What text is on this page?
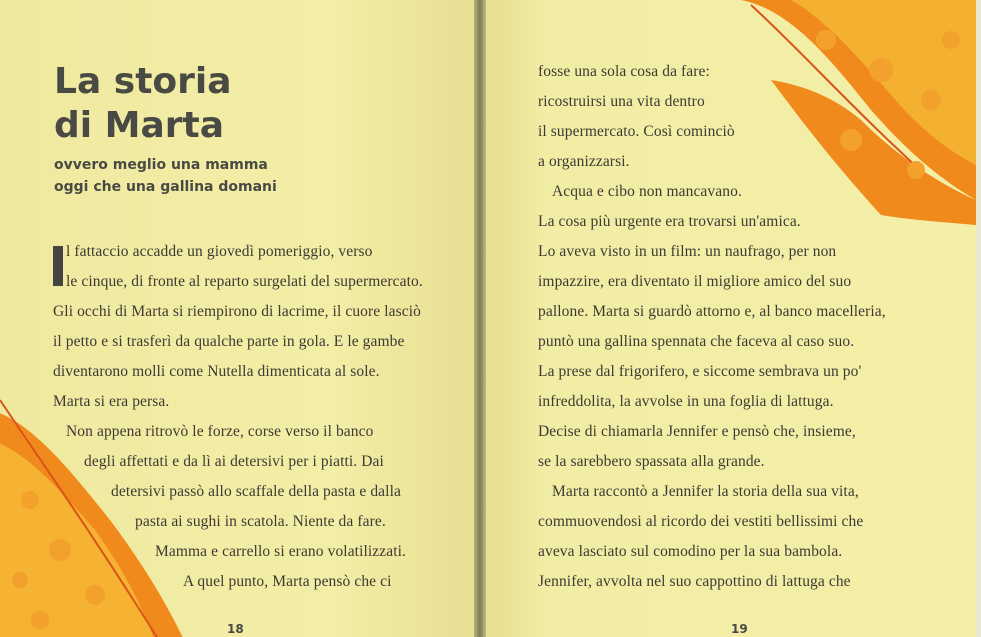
La storia
di Marta

ovvero meglio una mamma
oggi che una gallina domani

l fattaccio accadde un giovedì pomeriggio, verso
le cinque, di fronte al reparto surgelati del supermercato.
Gli occhi di Marta si riempirono di lacrime, il cuore lasciò
il petto e si trasferì da qualche parte in gola. E le gambe
diventarono molli come Nutella dimenticata al sole.
Marta si era persa.
Non appena ritrovò le forze, corse verso il banco
degli affettati e da lì ai detersivi per i piatti. Dai
detersivi passò allo scaffale della pasta e dalla
pasta ai sughi in scatola. Niente da fare.
Mamma e carrello si erano volatilizzati.
A quel punto, Marta pensò che ci
18
fosse una sola cosa da fare:
ricostruirsi una vita dentro
il supermercato. Così cominciò
a organizzarsi.
Acqua e cibo non mancavano.
La cosa più urgente era trovarsi un'amica.
Lo aveva visto in un film: un naufrago, per non
impazzire, era diventato il migliore amico del suo
pallone. Marta si guardò attorno e, al banco macelleria,
puntò una gallina spennata che faceva al caso suo.
La prese dal frigorifero, e siccome sembrava un po'
infreddolita, la avvolse in una foglia di lattuga.
Decise di chiamarla Jennifer e pensò che, insieme,
se la sarebbero spassata alla grande.
Marta raccontò a Jennifer la storia della sua vita,
commuovendosi al ricordo dei vestiti bellissimi che
aveva lasciato sul comodino per la sua bambola.
Jennifer, avvolta nel suo cappottino di lattuga che
19
